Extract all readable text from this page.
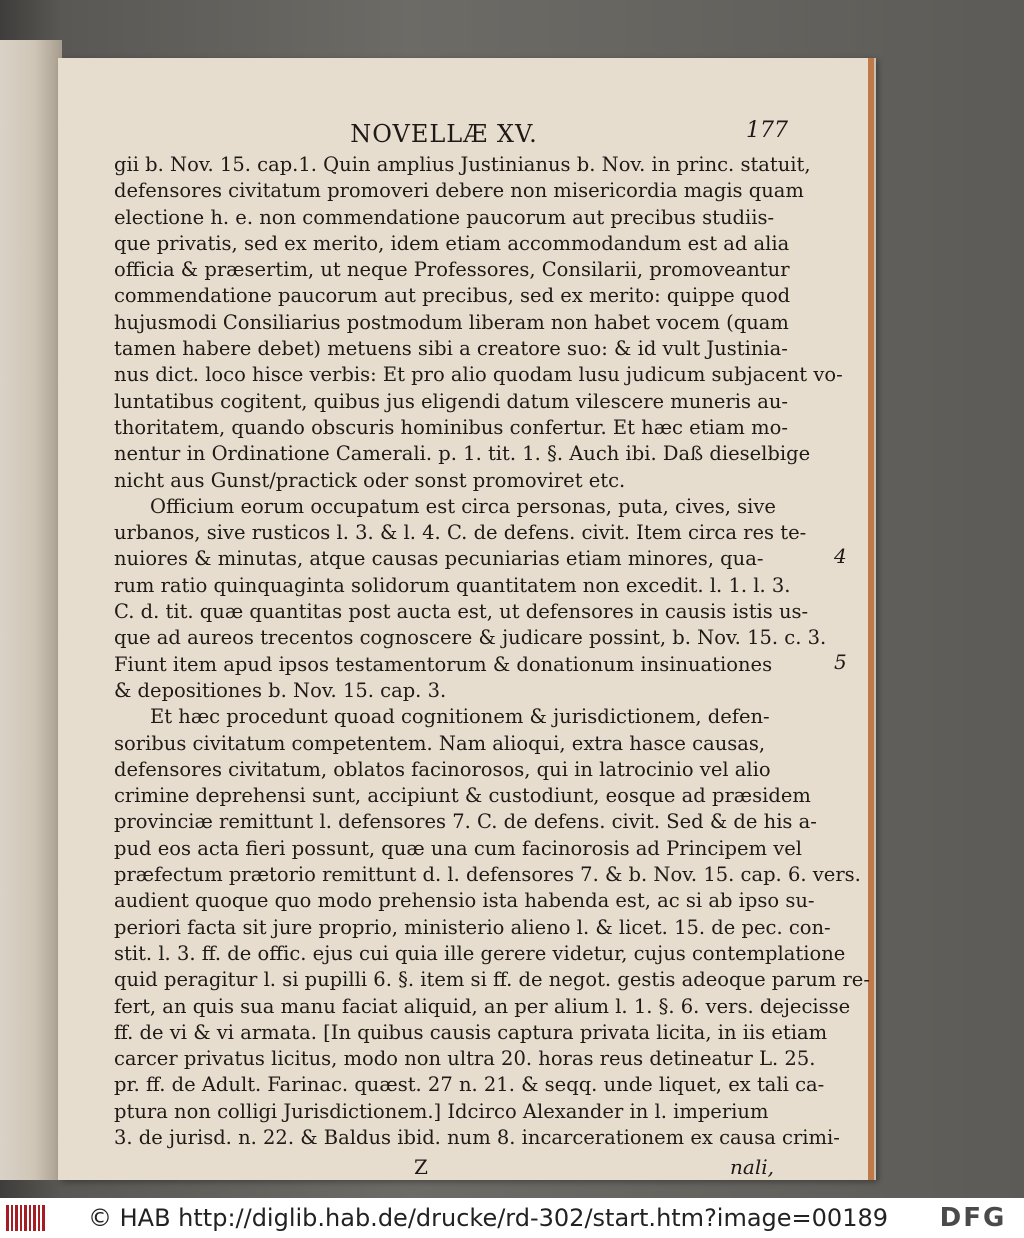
NOVELLÆ XV.	177
gii b. Nov. 15. cap.1. Quin amplius Justinianus b. Nov. in princ. statuit,
defensores civitatum promoveri debere non misericordia magis quam
electione h. e. non commendatione paucorum aut precibus studiis-
que privatis, sed ex merito, idem etiam accommodandum est ad alia
officia & præsertim, ut neque Professores, Consilarii, promoveantur
commendatione paucorum aut precibus, sed ex merito: quippe quod
hujusmodi Consiliarius postmodum liberam non habet vocem (quam
tamen habere debet) metuens sibi a creatore suo: & id vult Justinia-
nus dict. loco hisce verbis: Et pro alio quodam lusu judicum subjacent vo-
luntatibus cogitent, quibus jus eligendi datum vilescere muneris au-
thoritatem, quando obscuris hominibus confertur. Et hæc etiam mo-
nentur in Ordinatione Camerali. p. 1. tit. 1. §. Auch ibi. Daß dieselbige
nicht aus Gunst/practick oder sonst promoviret etc.
Officium eorum occupatum est circa personas, puta, cives, sive
urbanos, sive rusticos l. 3. & l. 4. C. de defens. civit. Item circa res te-
nuiores & minutas, atque causas pecuniarias etiam minores, qua-
rum ratio quinquaginta solidorum quantitatem non excedit. l. 1. l. 3.
C. d. tit. quæ quantitas post aucta est, ut defensores in causis istis us-
que ad aureos trecentos cognoscere & judicare possint, b. Nov. 15. c. 3.
Fiunt item apud ipsos testamentorum & donationum insinuationes
& depositiones b. Nov. 15. cap. 3.
Et hæc procedunt quoad cognitionem & jurisdictionem, defen-
soribus civitatum competentem. Nam alioqui, extra hasce causas,
defensores civitatum, oblatos facinorosos, qui in latrocinio vel alio
crimine deprehensi sunt, accipiunt & custodiunt, eosque ad præsidem
provinciæ remittunt l. defensores 7. C. de defens. civit. Sed & de his a-
pud eos acta fieri possunt, quæ una cum facinorosis ad Principem vel
præfectum prætorio remittunt d. l. defensores 7. & b. Nov. 15. cap. 6. vers.
audient quoque quo modo prehensio ista habenda est, ac si ab ipso su-
periori facta sit jure proprio, ministerio alieno l. & licet. 15. de pec. con-
stit. l. 3. ff. de offic. ejus cui quia ille gerere videtur, cujus contemplatione
quid peragitur l. si pupilli 6. §. item si ff. de negot. gestis adeoque parum re-
fert, an quis sua manu faciat aliquid, an per alium l. 1. §. 6. vers. dejecisse
ff. de vi & vi armata. [In quibus causis captura privata licita, in iis etiam
carcer privatus licitus, modo non ultra 20. horas reus detineatur L. 25.
pr. ff. de Adult. Farinac. quæst. 27 n. 21. & seqq. unde liquet, ex tali ca-
ptura non colligi Jurisdictionem.] Idcirco Alexander in l. imperium
3. de jurisd. n. 22. & Baldus ibid. num 8. incarcerationem ex causa crimi-
4
5
Z	nali,
© HAB http://diglib.hab.de/drucke/rd-302/start.htm?image=00189	DFG
